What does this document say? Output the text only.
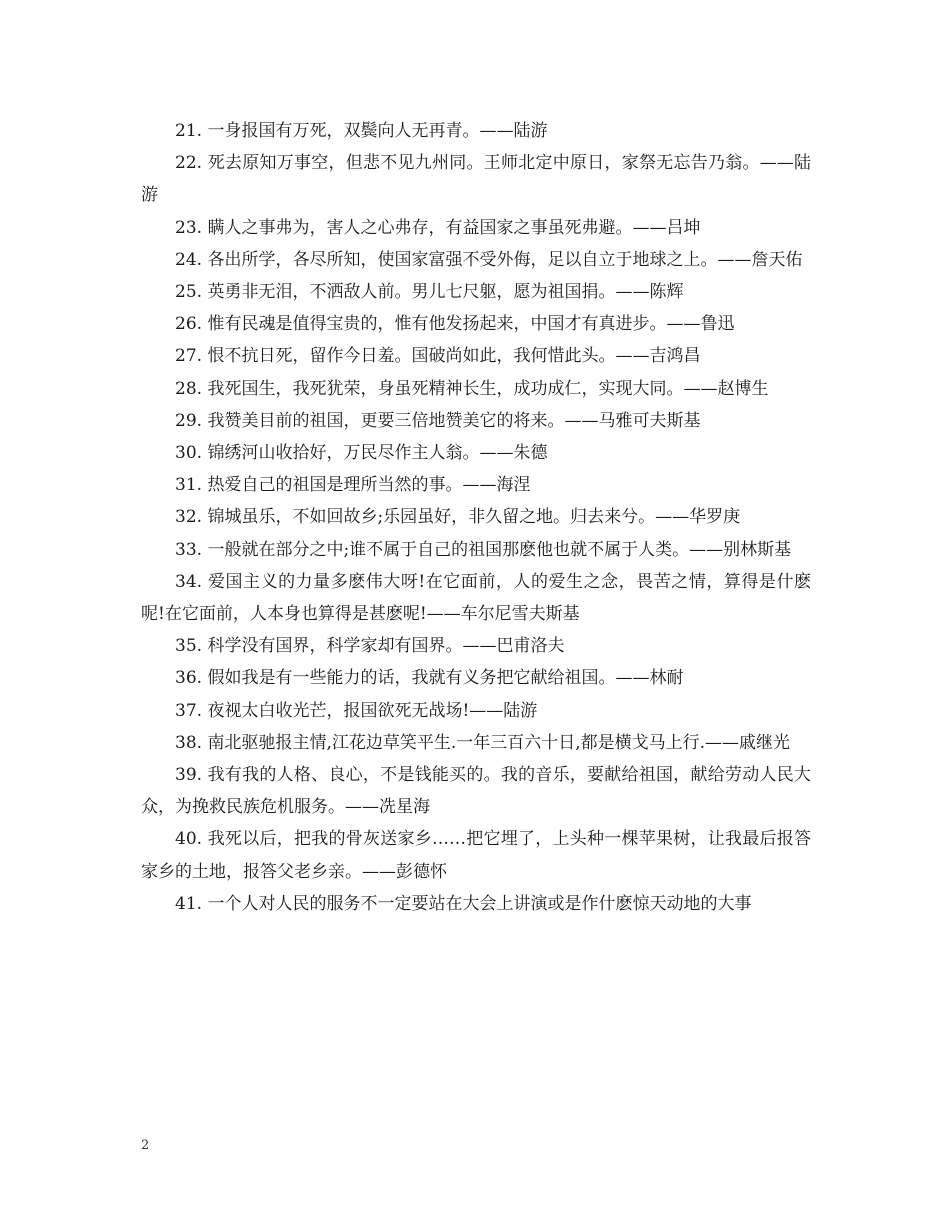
21. 一身报国有万死，双鬓向人无再青。——陆游

22. 死去原知万事空，但悲不见九州同。王师北定中原日，家祭无忘告乃翁。——陆游

23. 瞒人之事弗为，害人之心弗存，有益国家之事虽死弗避。——吕坤

24. 各出所学，各尽所知，使国家富强不受外侮，足以自立于地球之上。——詹天佑

25. 英勇非无泪，不洒敌人前。男儿七尺躯，愿为祖国捐。——陈辉

26. 惟有民魂是值得宝贵的，惟有他发扬起来，中国才有真进步。——鲁迅

27. 恨不抗日死，留作今日羞。国破尚如此，我何惜此头。——吉鸿昌

28. 我死国生，我死犹荣，身虽死精神长生，成功成仁，实现大同。——赵博生

29. 我赞美目前的祖国，更要三倍地赞美它的将来。——马雅可夫斯基

30. 锦绣河山收拾好，万民尽作主人翁。——朱德

31. 热爱自己的祖国是理所当然的事。——海涅

32. 锦城虽乐，不如回故乡;乐园虽好，非久留之地。归去来兮。——华罗庚

33. 一般就在部分之中;谁不属于自己的祖国那麽他也就不属于人类。——别林斯基

34. 爱国主义的力量多麽伟大呀!在它面前，人的爱生之念，畏苦之情，算得是什麽呢!在它面前，人本身也算得是甚麽呢!——车尔尼雪夫斯基

35. 科学没有国界，科学家却有国界。——巴甫洛夫

36. 假如我是有一些能力的话，我就有义务把它献给祖国。——林耐

37. 夜视太白收光芒，报国欲死无战场!——陆游

38. 南北驱驰报主情,江花边草笑平生.一年三百六十日,都是横戈马上行.——戚继光

39. 我有我的人格、良心，不是钱能买的。我的音乐，要献给祖国，献给劳动人民大众，为挽救民族危机服务。——冼星海

40. 我死以后，把我的骨灰送家乡……把它埋了，上头种一棵苹果树，让我最后报答家乡的土地，报答父老乡亲。——彭德怀

41. 一个人对人民的服务不一定要站在大会上讲演或是作什麽惊天动地的大事

2
